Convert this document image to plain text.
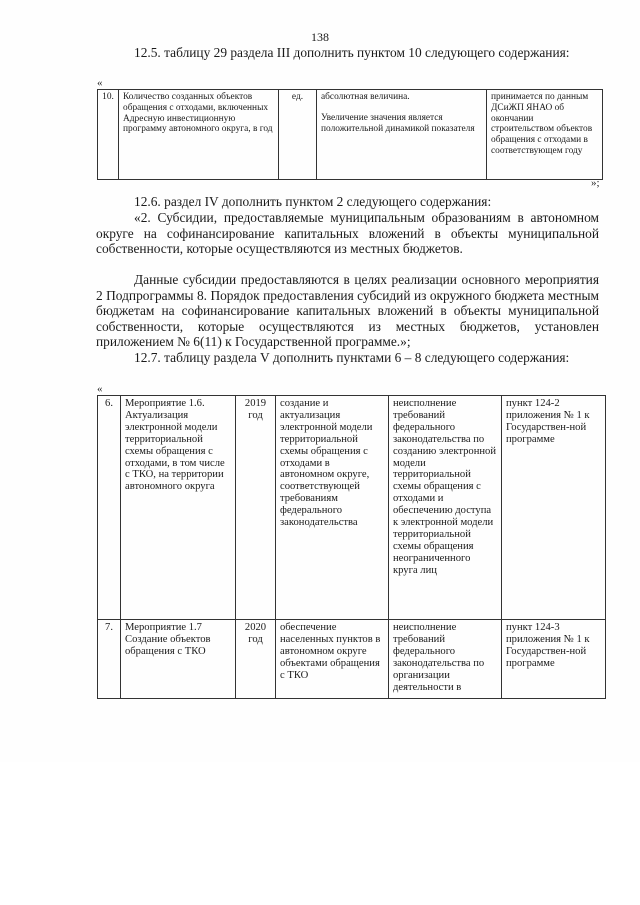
138
12.5. таблицу 29 раздела III дополнить пунктом 10 следующего содержания:
«
10.	Количество созданных объектов обращения с отходами, включенных Адресную инвестиционную программу автономного округа, в год	ед.	абсолютная величина.
Увеличение значения является положительной динамикой показателя	принимается по данным ДСиЖП ЯНАО об окончании строительством объектов обращения с отходами в соответствующем году
»;
12.6. раздел IV дополнить пунктом 2 следующего содержания:
«2. Субсидии, предоставляемые муниципальным образованиям в автономном округе на софинансирование капитальных вложений в объекты муниципальной собственности, которые осуществляются из местных бюджетов.
Данные субсидии предоставляются в целях реализации основного мероприятия 2 Подпрограммы 8. Порядок предоставления субсидий из окружного бюджета местным бюджетам на софинансирование капитальных вложений в объекты муниципальной собственности, которые осуществляются из местных бюджетов, установлен приложением № 6(11) к Государственной программе.»;
12.7. таблицу раздела V дополнить пунктами 6 – 8 следующего содержания:
«
6.	Мероприятие 1.6. Актуализация электронной модели территориальной схемы обращения с отходами, в том числе с ТКО, на территории автономного округа	2019 год	создание и актуализация электронной модели территориальной схемы обращения с отходами в автономном округе, соответствующей требованиям федерального законодательства	неисполнение требований федерального законодательства по созданию электронной модели территориальной схемы обращения с отходами и обеспечению доступа к электронной модели территориальной схемы обращения неограниченного круга лиц	пункт 124-2 приложения № 1 к Государствен-ной программе
7.	Мероприятие 1.7 Создание объектов обращения с ТКО	2020 год	обеспечение населенных пунктов в автономном округе объектами обращения с ТКО	неисполнение требований федерального законодательства по организации деятельности в	пункт 124-3 приложения № 1 к Государствен-ной программе
